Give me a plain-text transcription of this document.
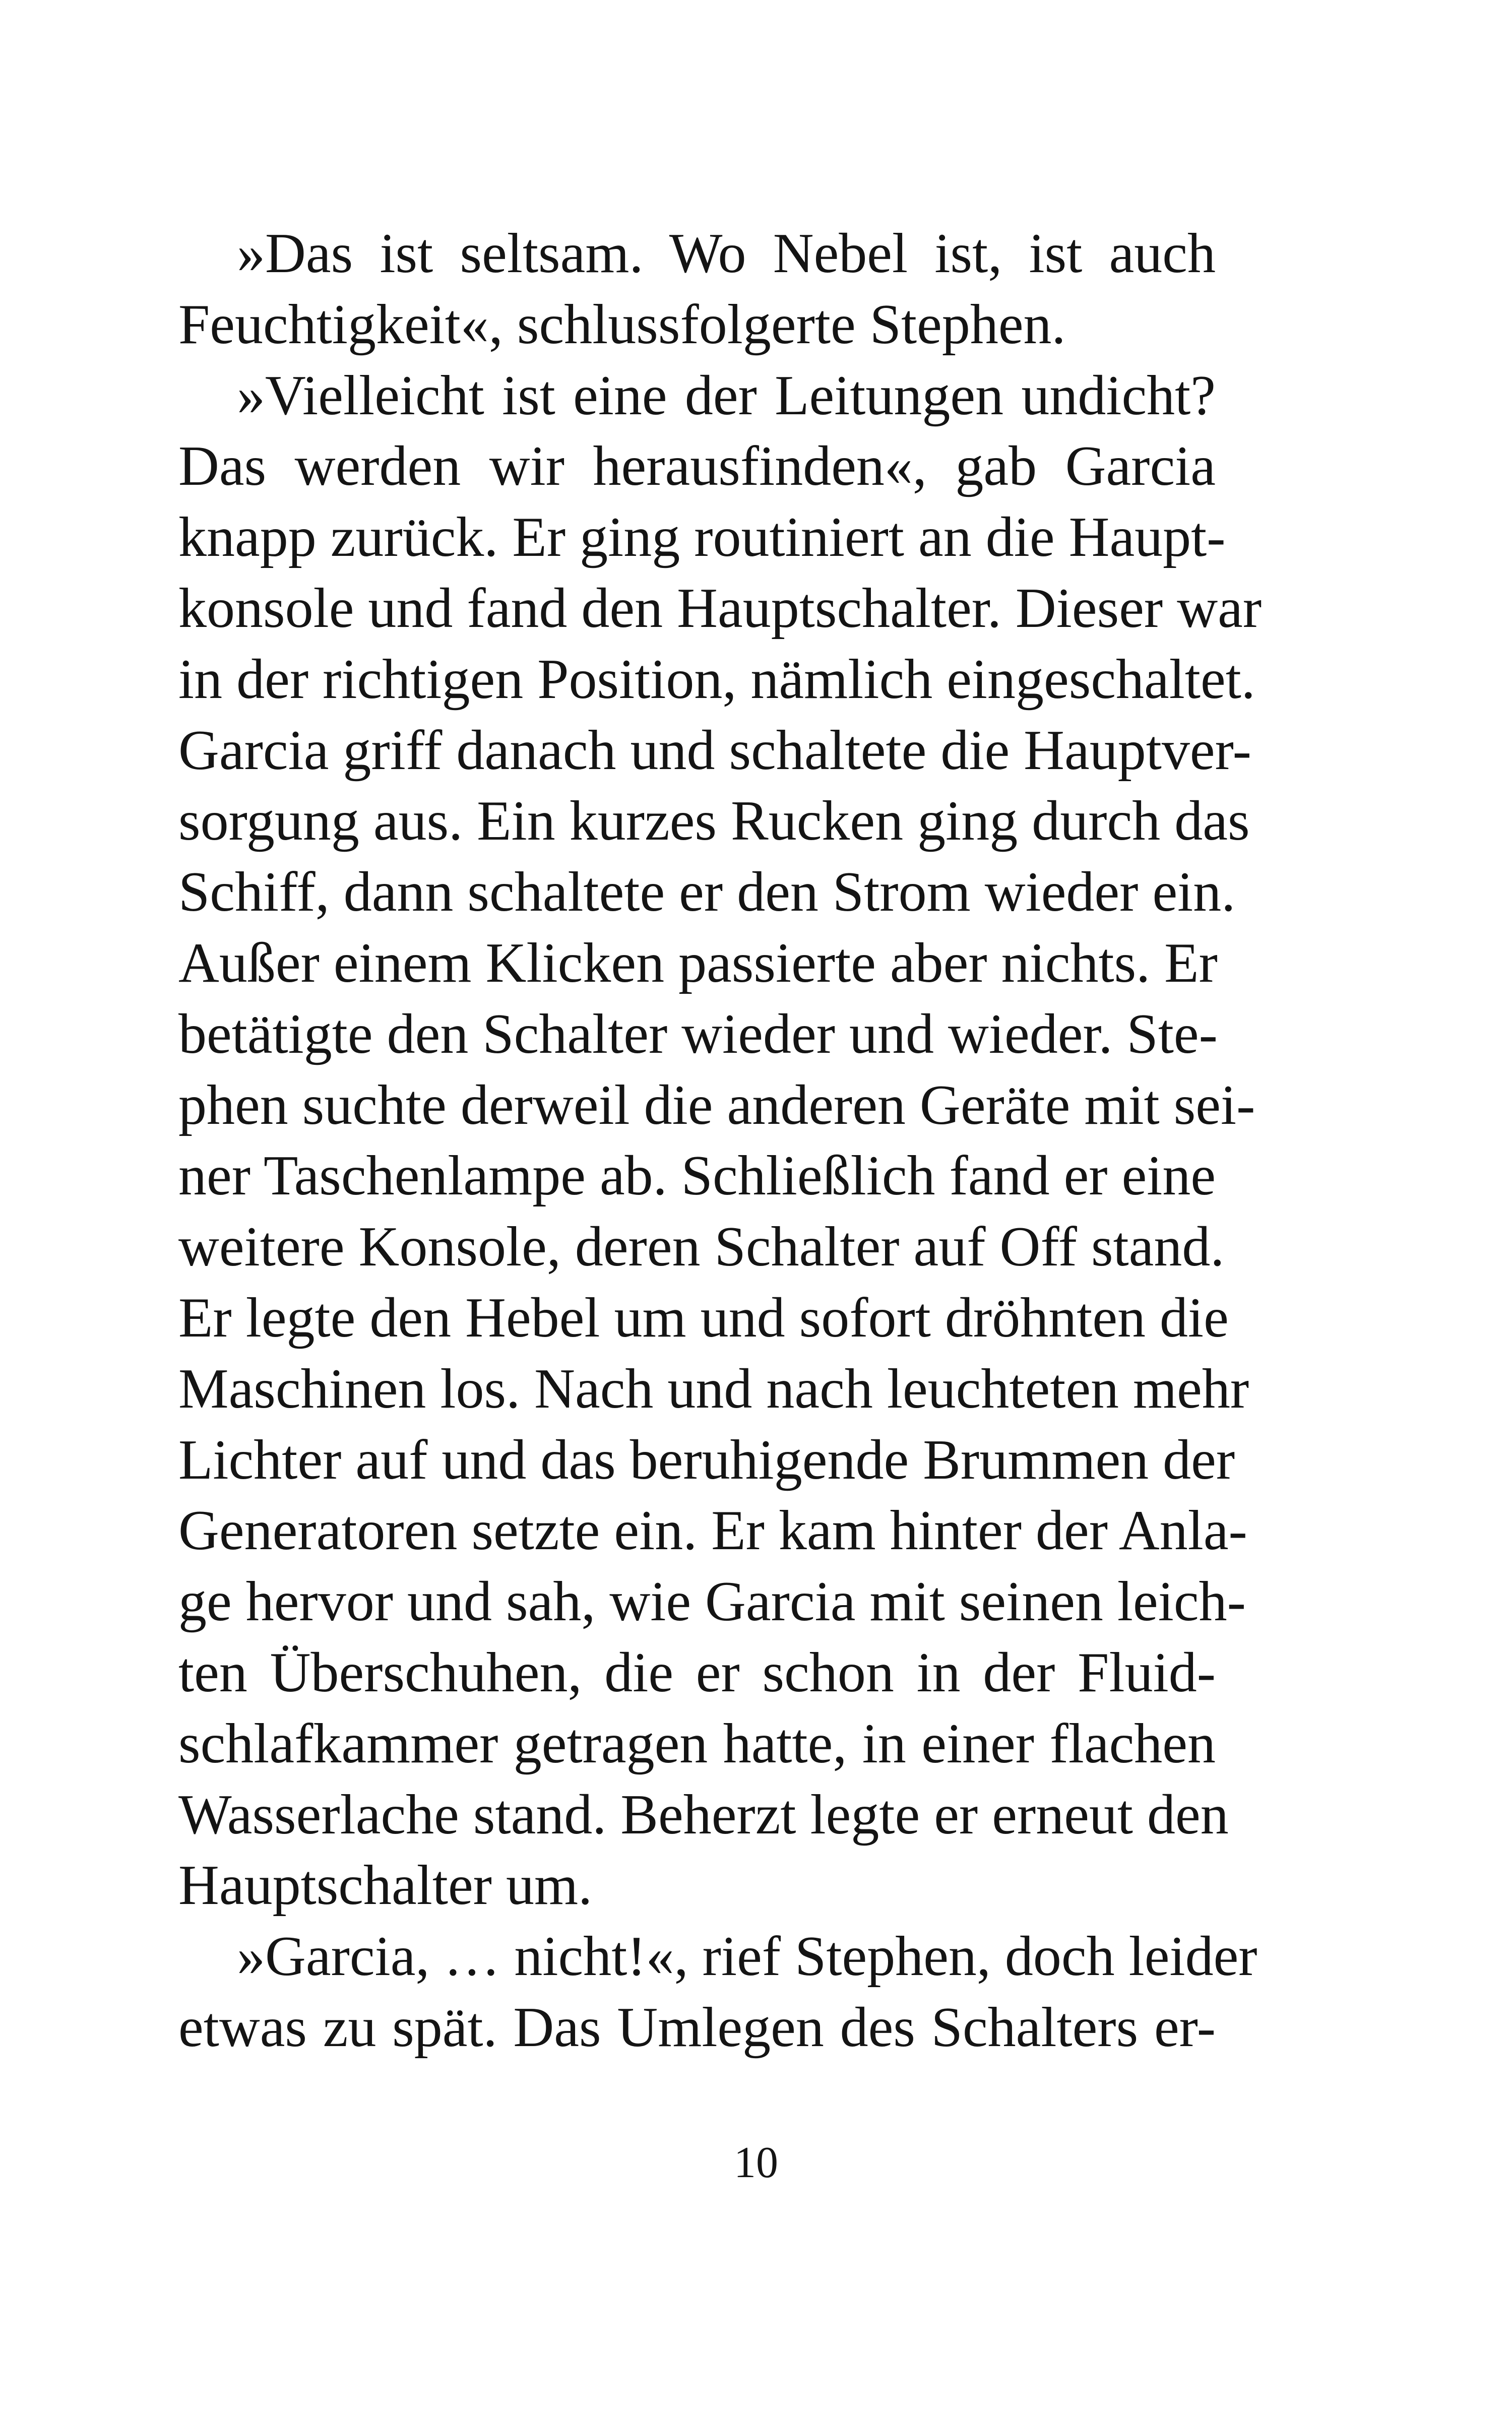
»Das ist seltsam. Wo Nebel ist, ist auch
Feuchtigkeit«, schlussfolgerte Stephen.
»Vielleicht ist eine der Leitungen undicht?
Das werden wir herausfinden«, gab Garcia
knapp zurück. Er ging routiniert an die Haupt-
konsole und fand den Hauptschalter. Dieser war
in der richtigen Position, nämlich eingeschaltet.
Garcia griff danach und schaltete die Hauptver-
sorgung aus. Ein kurzes Rucken ging durch das
Schiff, dann schaltete er den Strom wieder ein.
Außer einem Klicken passierte aber nichts. Er
betätigte den Schalter wieder und wieder. Ste-
phen suchte derweil die anderen Geräte mit sei-
ner Taschenlampe ab. Schließlich fand er eine
weitere Konsole, deren Schalter auf Off stand.
Er legte den Hebel um und sofort dröhnten die
Maschinen los. Nach und nach leuchteten mehr
Lichter auf und das beruhigende Brummen der
Generatoren setzte ein. Er kam hinter der Anla-
ge hervor und sah, wie Garcia mit seinen leich-
ten Überschuhen, die er schon in der Fluid-
schlafkammer getragen hatte, in einer flachen
Wasserlache stand. Beherzt legte er erneut den
Hauptschalter um.
»Garcia, … nicht!«, rief Stephen, doch leider
etwas zu spät. Das Umlegen des Schalters er-
10
